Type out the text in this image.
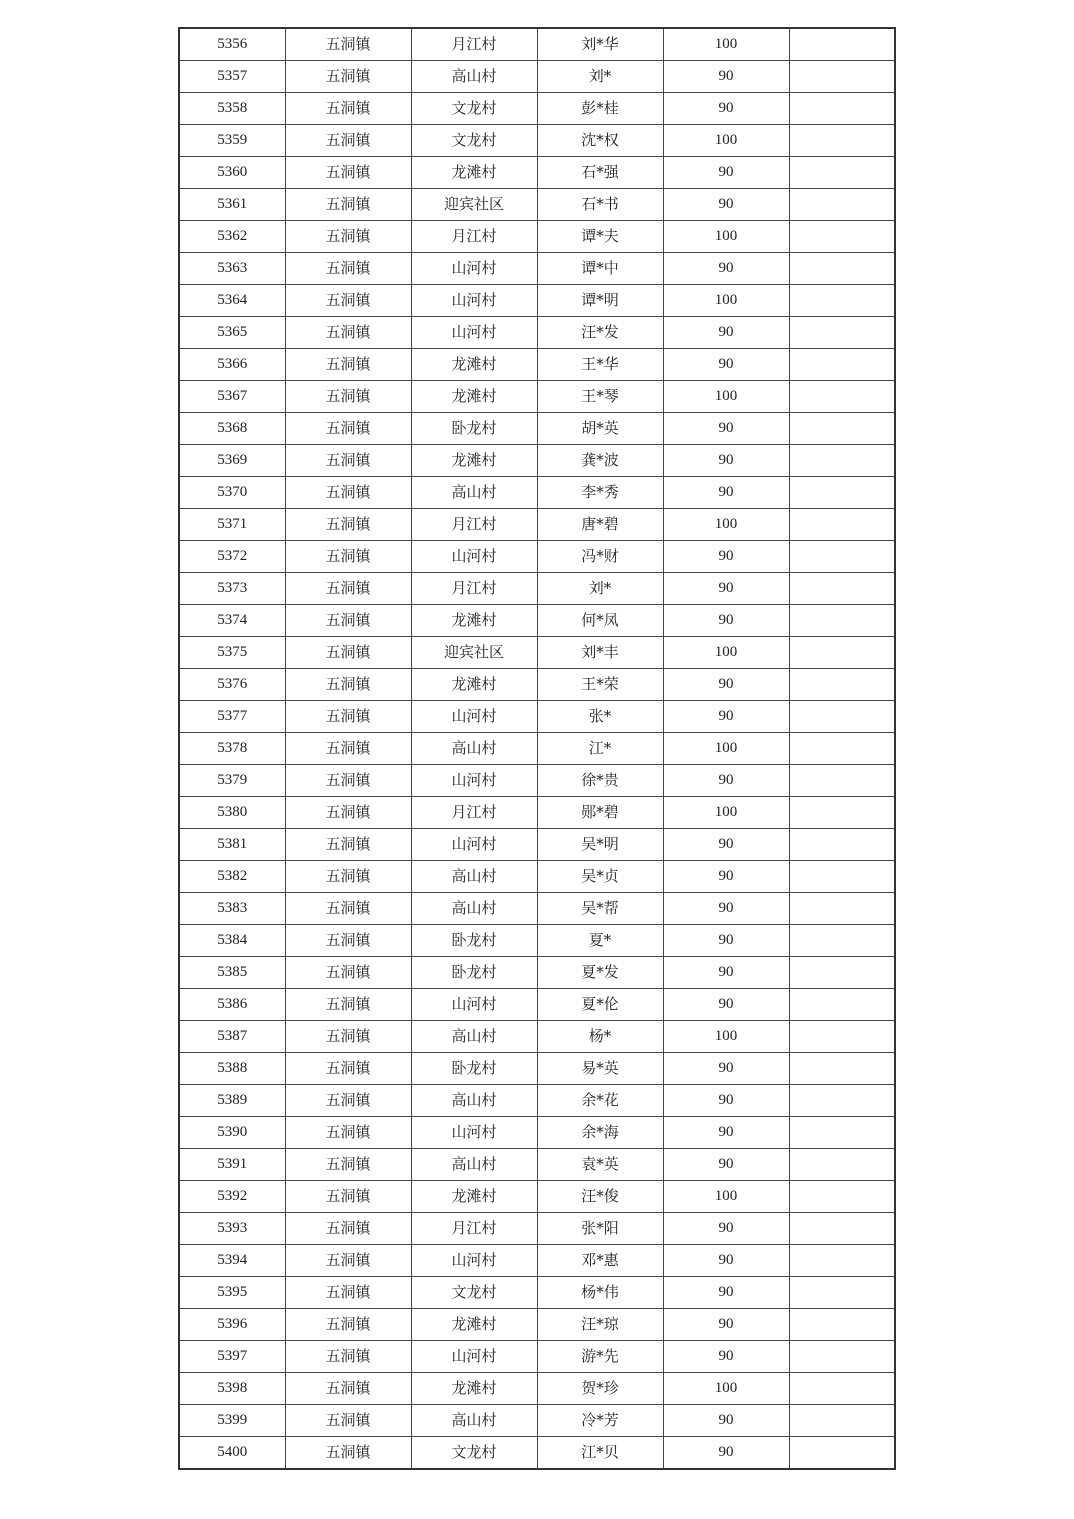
5356	五洞镇	月江村	刘*华	100	
5357	五洞镇	高山村	刘*	90	
5358	五洞镇	文龙村	彭*桂	90	
5359	五洞镇	文龙村	沈*权	100	
5360	五洞镇	龙滩村	石*强	90	
5361	五洞镇	迎宾社区	石*书	90	
5362	五洞镇	月江村	谭*夫	100	
5363	五洞镇	山河村	谭*中	90	
5364	五洞镇	山河村	谭*明	100	
5365	五洞镇	山河村	汪*发	90	
5366	五洞镇	龙滩村	王*华	90	
5367	五洞镇	龙滩村	王*琴	100	
5368	五洞镇	卧龙村	胡*英	90	
5369	五洞镇	龙滩村	龚*波	90	
5370	五洞镇	高山村	李*秀	90	
5371	五洞镇	月江村	唐*碧	100	
5372	五洞镇	山河村	冯*财	90	
5373	五洞镇	月江村	刘*	90	
5374	五洞镇	龙滩村	何*凤	90	
5375	五洞镇	迎宾社区	刘*丰	100	
5376	五洞镇	龙滩村	王*荣	90	
5377	五洞镇	山河村	张*	90	
5378	五洞镇	高山村	江*	100	
5379	五洞镇	山河村	徐*贵	90	
5380	五洞镇	月江村	郧*碧	100	
5381	五洞镇	山河村	吴*明	90	
5382	五洞镇	高山村	吴*贞	90	
5383	五洞镇	高山村	吴*帮	90	
5384	五洞镇	卧龙村	夏*	90	
5385	五洞镇	卧龙村	夏*发	90	
5386	五洞镇	山河村	夏*伦	90	
5387	五洞镇	高山村	杨*	100	
5388	五洞镇	卧龙村	易*英	90	
5389	五洞镇	高山村	余*花	90	
5390	五洞镇	山河村	余*海	90	
5391	五洞镇	高山村	袁*英	90	
5392	五洞镇	龙滩村	汪*俊	100	
5393	五洞镇	月江村	张*阳	90	
5394	五洞镇	山河村	邓*惠	90	
5395	五洞镇	文龙村	杨*伟	90	
5396	五洞镇	龙滩村	汪*琼	90	
5397	五洞镇	山河村	游*先	90	
5398	五洞镇	龙滩村	贺*珍	100	
5399	五洞镇	高山村	冷*芳	90	
5400	五洞镇	文龙村	江*贝	90	
